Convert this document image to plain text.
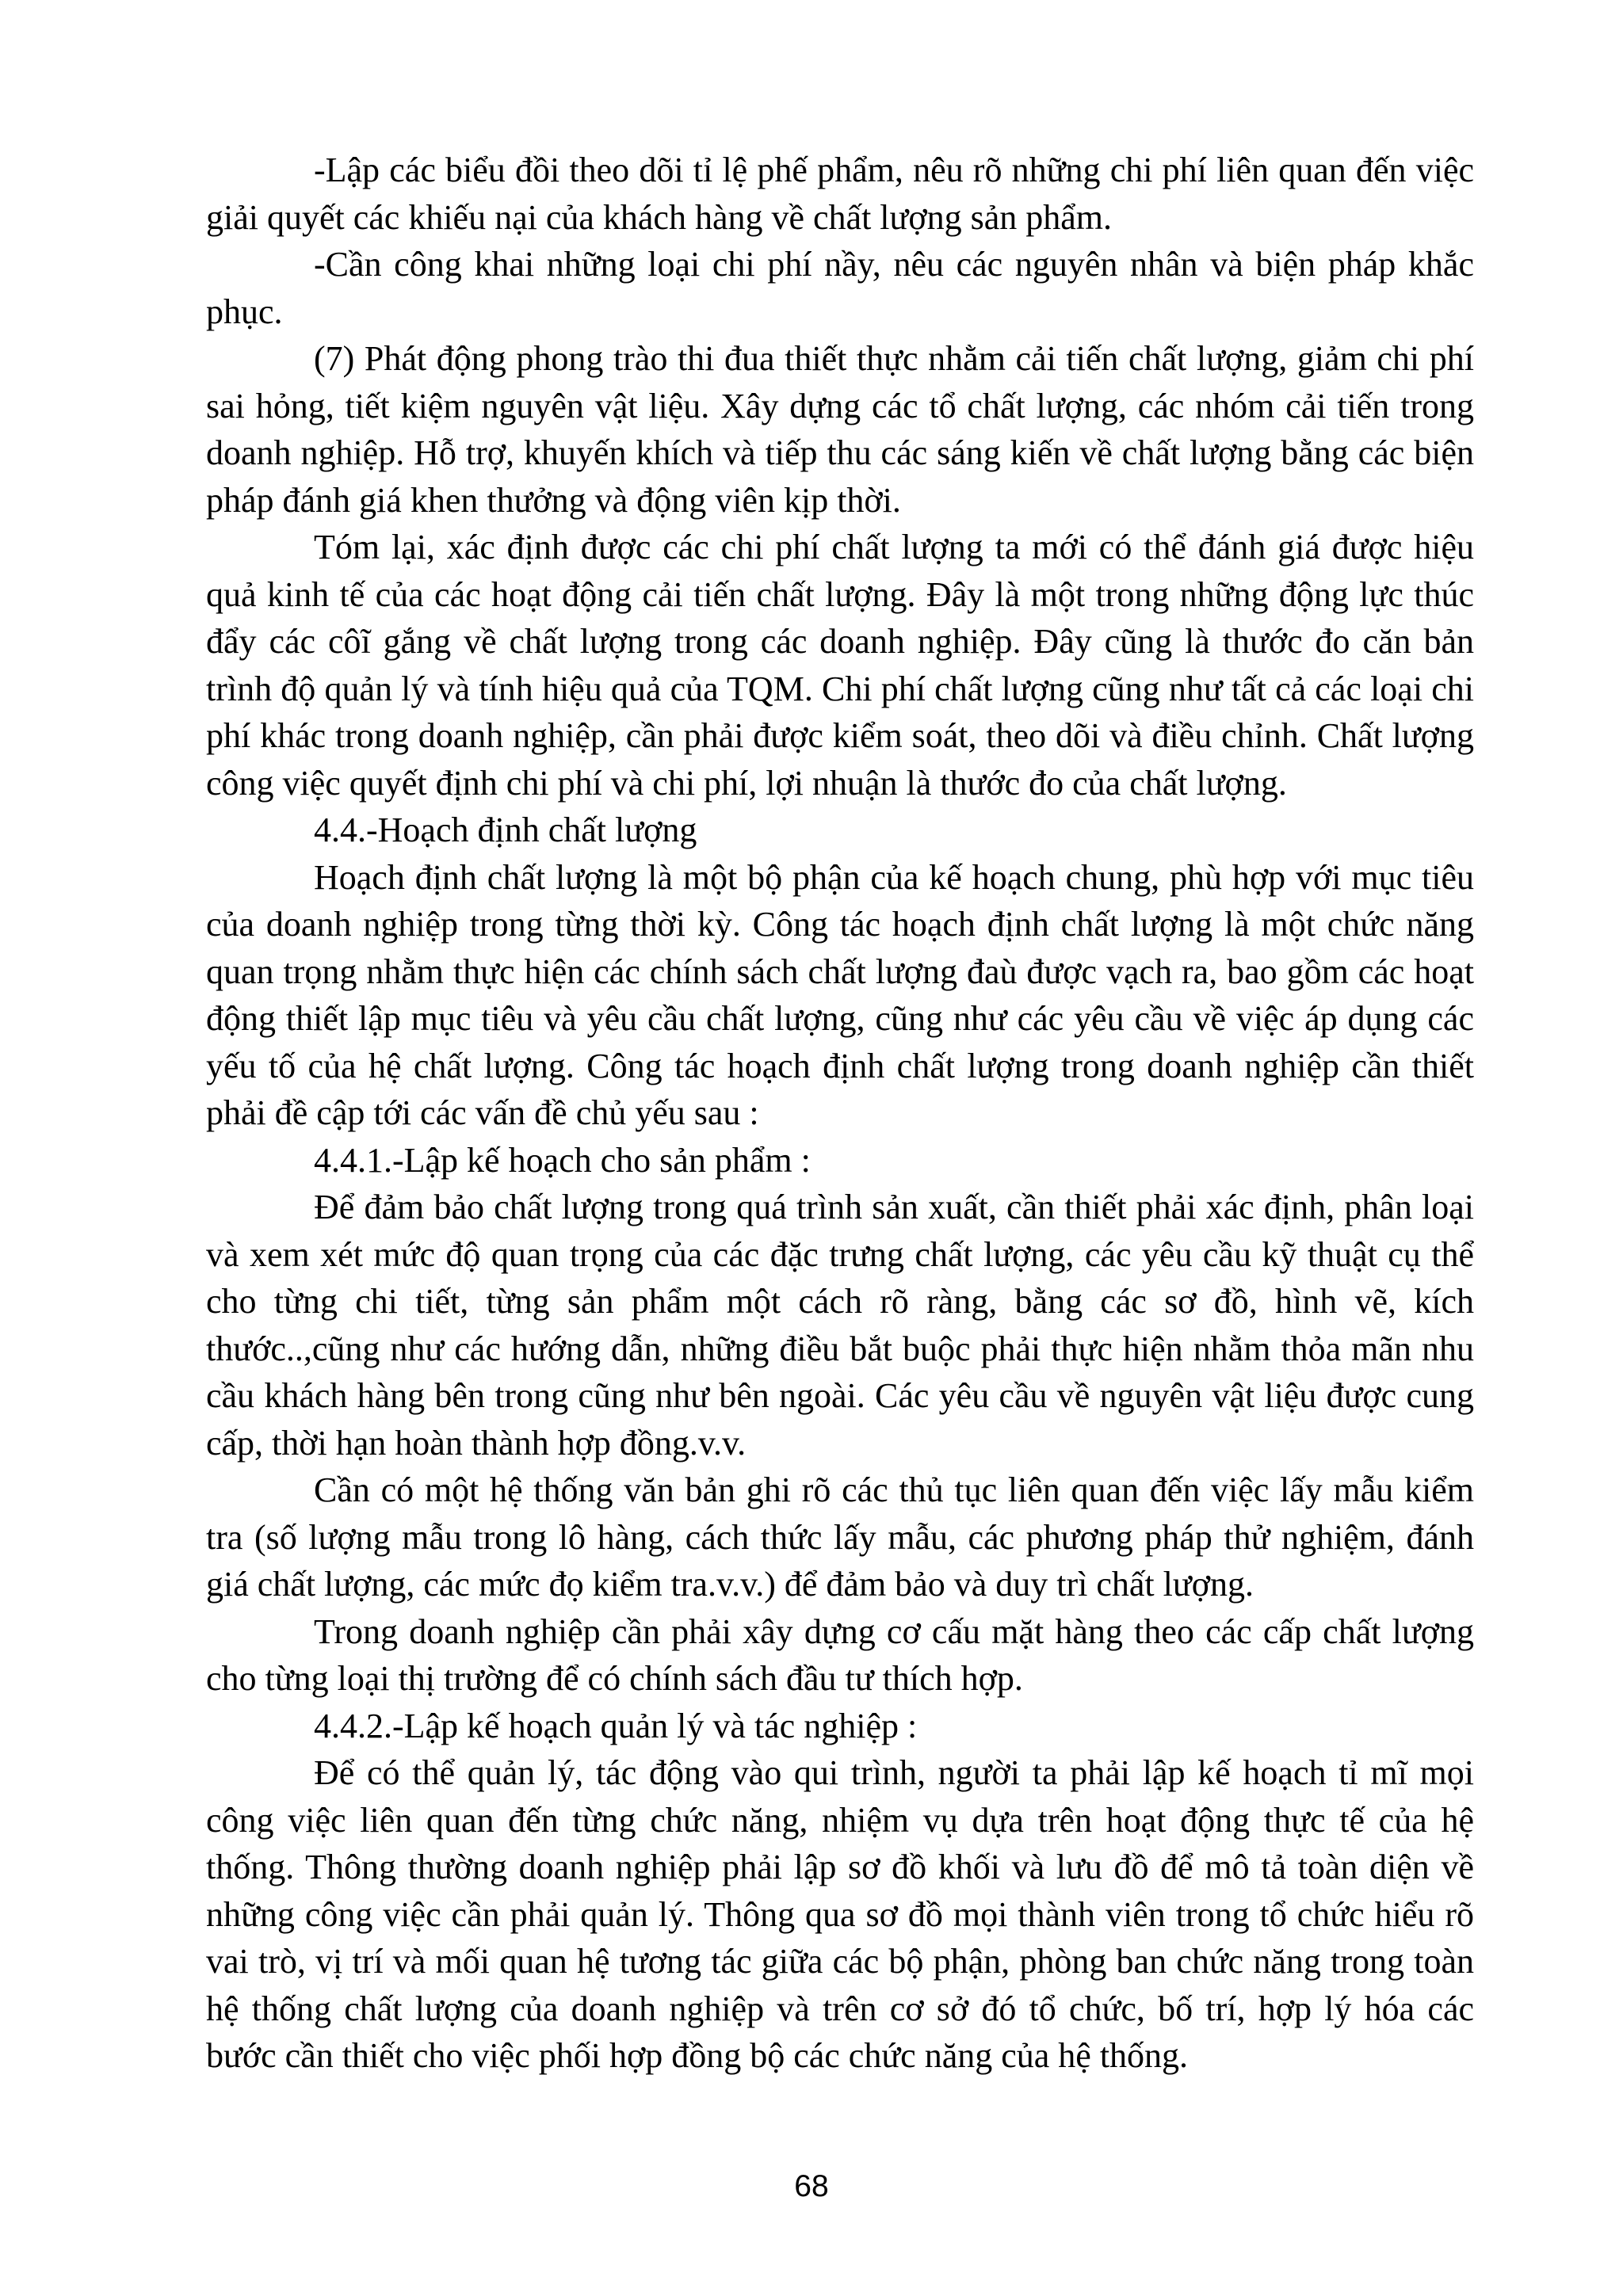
-Lập các biểu đồi theo dõi tỉ lệ phế phẩm, nêu rõ những chi phí liên quan đến việc giải quyết các khiếu nại của khách hàng về chất lượng sản phẩm.

-Cần công khai những loại chi phí nầy, nêu các nguyên nhân và biện pháp khắc phục.

(7) Phát động phong trào thi đua thiết thực nhằm cải tiến chất lượng, giảm chi phí sai hỏng, tiết kiệm nguyên vật liệu. Xây dựng các tổ chất lượng, các nhóm cải tiến trong doanh nghiệp. Hỗ trợ, khuyến khích và tiếp thu các sáng kiến về chất lượng bằng các biện pháp đánh giá khen thưởng và động viên kịp thời.

Tóm lại, xác định được các chi phí chất lượng ta mới có thể đánh giá được hiệu quả kinh tế của các hoạt động cải tiến chất lượng. Đây là một trong những động lực thúc đẩy các côĩ gắng về chất lượng trong các doanh nghiệp. Đây cũng là thước đo căn bản trình độ quản lý và tính hiệu quả của TQM. Chi phí chất lượng cũng như tất cả các loại chi phí khác trong doanh nghiệp, cần phải được kiểm soát, theo dõi và điều chỉnh. Chất lượng công việc quyết định chi phí và chi phí, lợi nhuận là thước đo của chất lượng.

4.4.-Hoạch định chất lượng

Hoạch định chất lượng là một bộ phận của kế hoạch chung, phù hợp với mục tiêu của doanh nghiệp trong từng thời kỳ. Công tác hoạch định chất lượng là một chức năng quan trọng nhằm thực hiện các chính sách chất lượng đaù được vạch ra, bao gồm các hoạt động thiết lập mục tiêu và yêu cầu chất lượng, cũng như các yêu cầu về việc áp dụng các yếu tố của hệ chất lượng. Công tác hoạch định chất lượng trong doanh nghiệp cần thiết phải đề cập tới các vấn đề chủ yếu sau :

4.4.1.-Lập kế hoạch cho sản phẩm :

Để đảm bảo chất lượng trong quá trình sản xuất, cần thiết phải xác định, phân loại và xem xét mức độ quan trọng của các đặc trưng chất lượng, các yêu cầu kỹ thuật cụ thể cho từng chi tiết, từng sản phẩm một cách rõ ràng, bằng các sơ đồ, hình vẽ, kích thước..,cũng như các hướng dẫn, những điều bắt buộc phải thực hiện nhằm thỏa mãn nhu cầu khách hàng bên trong cũng như bên ngoài. Các yêu cầu về nguyên vật liệu được cung cấp, thời hạn hoàn thành hợp đồng.v.v.

Cần có một hệ thống văn bản ghi rõ các thủ tục liên quan đến việc lấy mẫu kiểm tra (số lượng mẫu trong lô hàng, cách thức lấy mẫu, các phương pháp thử nghiệm, đánh giá chất lượng, các mức đọ kiểm tra.v.v.) để đảm bảo và duy trì chất lượng.

Trong doanh nghiệp cần phải xây dựng cơ cấu mặt hàng theo các cấp chất lượng cho từng loại thị trường để có chính sách đầu tư thích hợp.

4.4.2.-Lập kế hoạch quản lý và tác nghiệp :

Để có thể quản lý, tác động vào qui trình, người ta phải lập kế hoạch tỉ mĩ mọi công việc liên quan đến từng chức năng, nhiệm vụ dựa trên hoạt động thực tế của hệ thống. Thông thường doanh nghiệp phải lập sơ đồ khối và lưu đồ để mô tả toàn diện về những công việc cần phải quản lý. Thông qua sơ đồ mọi thành viên trong tổ chức hiểu rõ vai trò, vị trí và mối quan hệ tương tác giữa các bộ phận, phòng ban chức năng trong toàn hệ thống chất lượng của doanh nghiệp và trên cơ sở đó tổ chức, bố trí, hợp lý hóa các bước cần thiết cho việc phối hợp đồng bộ các chức năng của hệ thống.

68
